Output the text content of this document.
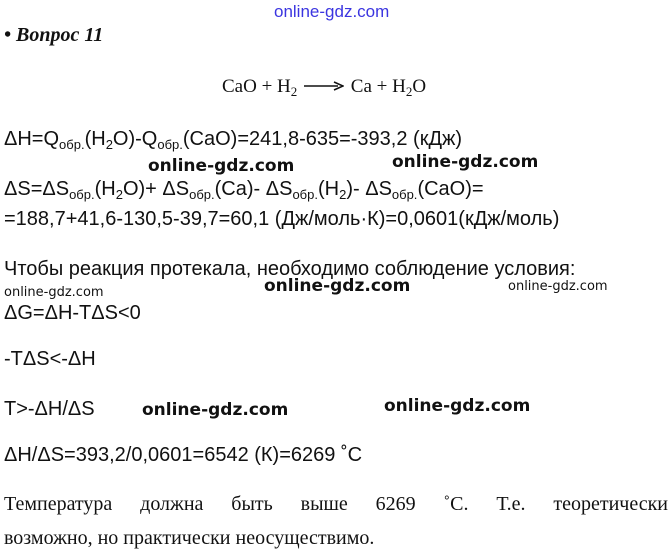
online-gdz.com
• Вопрос 11
CaO + $H_2 \to Ca + H_2O$
$\Delta H=Q_{обр.}(H_2O)-Q_{обр.}(CaO)=241,8-635=-393,2$ (кДж)
online-gdz.com	online-gdz.com
$\Delta S=\Delta S_{обр.}(H_2O)+ \Delta S_{обр.}(Ca)-$ $\Delta S_{обр.}(H_2)-$ $\Delta S_{обр.}(CaO)=$
=188,7+41,6-130,5-39,7=60,1 (Дж/моль·К)=0,0601(кДж/моль)
Чтобы реакция протекала, необходимо соблюдение условия:
online-gdz.com	online-gdz.com	online-gdz.com
ΔG=ΔH-TΔS<0
-TΔS<-ΔH
T>-ΔH/ΔS	online-gdz.com	online-gdz.com
ΔH/ΔS=393,2/0,0601=6542 (К)=6269 ˚С
Температура должна быть выше 6269 ˚С. Т.е. теоретически
возможно, но практически неосуществимо.
